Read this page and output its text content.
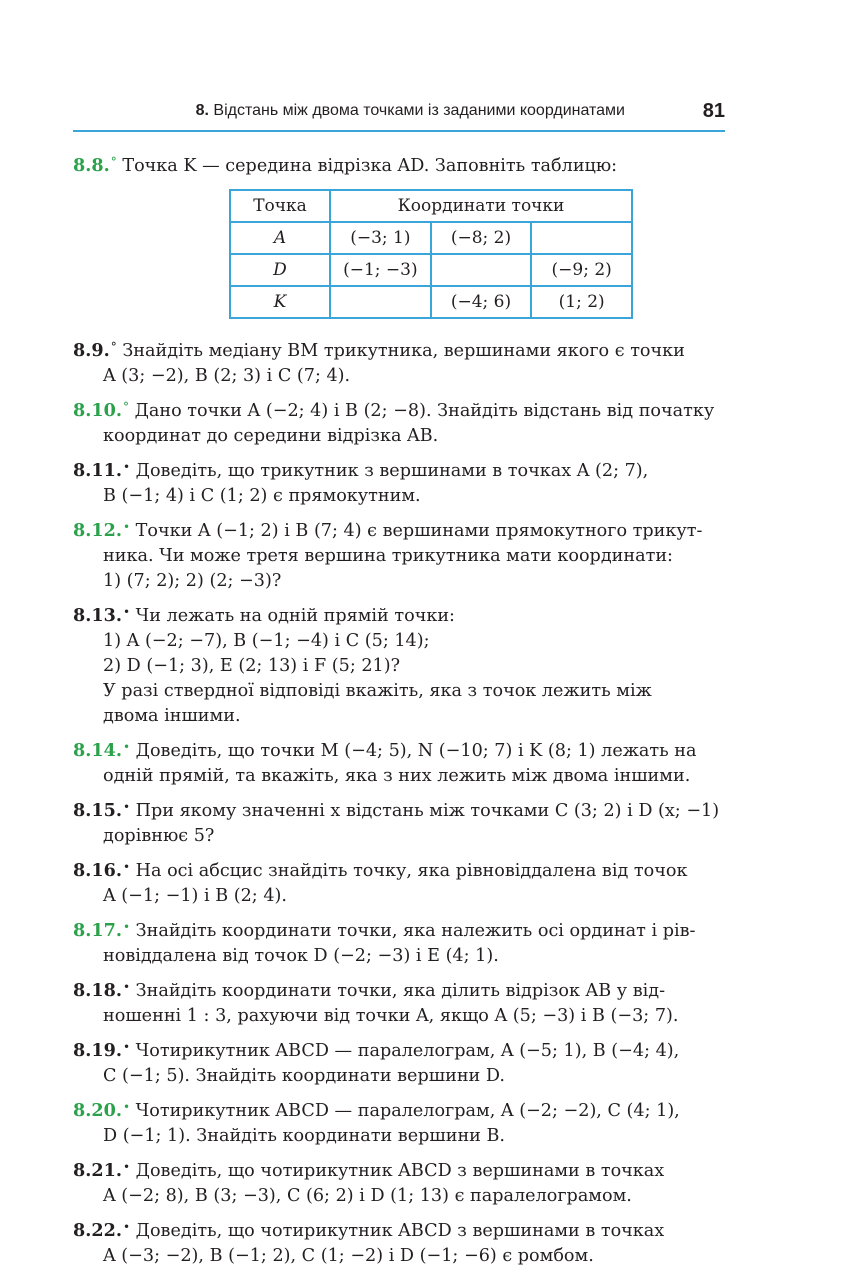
8. Відстань між двома точками із заданими координатами	81
8.8.° Точка K — середина відрізка AD. Заповніть таблицю:
Точка	Координати точки		
A	(−3; 1)	(−8; 2)	
D	(−1; −3)		(−9; 2)
K		(−4; 6)	(1; 2)
8.9.° Знайдіть медіану BM трикутника, вершинами якого є точки
A (3; −2), B (2; 3) і C (7; 4).
8.10.° Дано точки A (−2; 4) і B (2; −8). Знайдіть відстань від початку
координат до середини відрізка AB.
8.11.• Доведіть, що трикутник з вершинами в точках A (2; 7),
B (−1; 4) і C (1; 2) є прямокутним.
8.12.• Точки A (−1; 2) і B (7; 4) є вершинами прямокутного трикут-
ника. Чи може третя вершина трикутника мати координати:
1) (7; 2); 2) (2; −3)?
8.13.• Чи лежать на одній прямій точки:
1) A (−2; −7), B (−1; −4) і C (5; 14);
2) D (−1; 3), E (2; 13) і F (5; 21)?
У разі ствердної відповіді вкажіть, яка з точок лежить між
двома іншими.
8.14.• Доведіть, що точки M (−4; 5), N (−10; 7) і K (8; 1) лежать на
одній прямій, та вкажіть, яка з них лежить між двома іншими.
8.15.• При якому значенні x відстань між точками C (3; 2) і D (x; −1)
дорівнює 5?
8.16.• На осі абсцис знайдіть точку, яка рівновіддалена від точок
A (−1; −1) і B (2; 4).
8.17.• Знайдіть координати точки, яка належить осі ординат і рів-
новіддалена від точок D (−2; −3) і E (4; 1).
8.18.• Знайдіть координати точки, яка ділить відрізок AB у від-
ношенні 1 : 3, рахуючи від точки A, якщо A (5; −3) і B (−3; 7).
8.19.• Чотирикутник ABCD — паралелограм, A (−5; 1), B (−4; 4),
C (−1; 5). Знайдіть координати вершини D.
8.20.• Чотирикутник ABCD — паралелограм, A (−2; −2), C (4; 1),
D (−1; 1). Знайдіть координати вершини B.
8.21.• Доведіть, що чотирикутник ABCD з вершинами в точках
A (−2; 8), B (3; −3), C (6; 2) і D (1; 13) є паралелограмом.
8.22.• Доведіть, що чотирикутник ABCD з вершинами в точках
A (−3; −2), B (−1; 2), C (1; −2) і D (−1; −6) є ромбом.
